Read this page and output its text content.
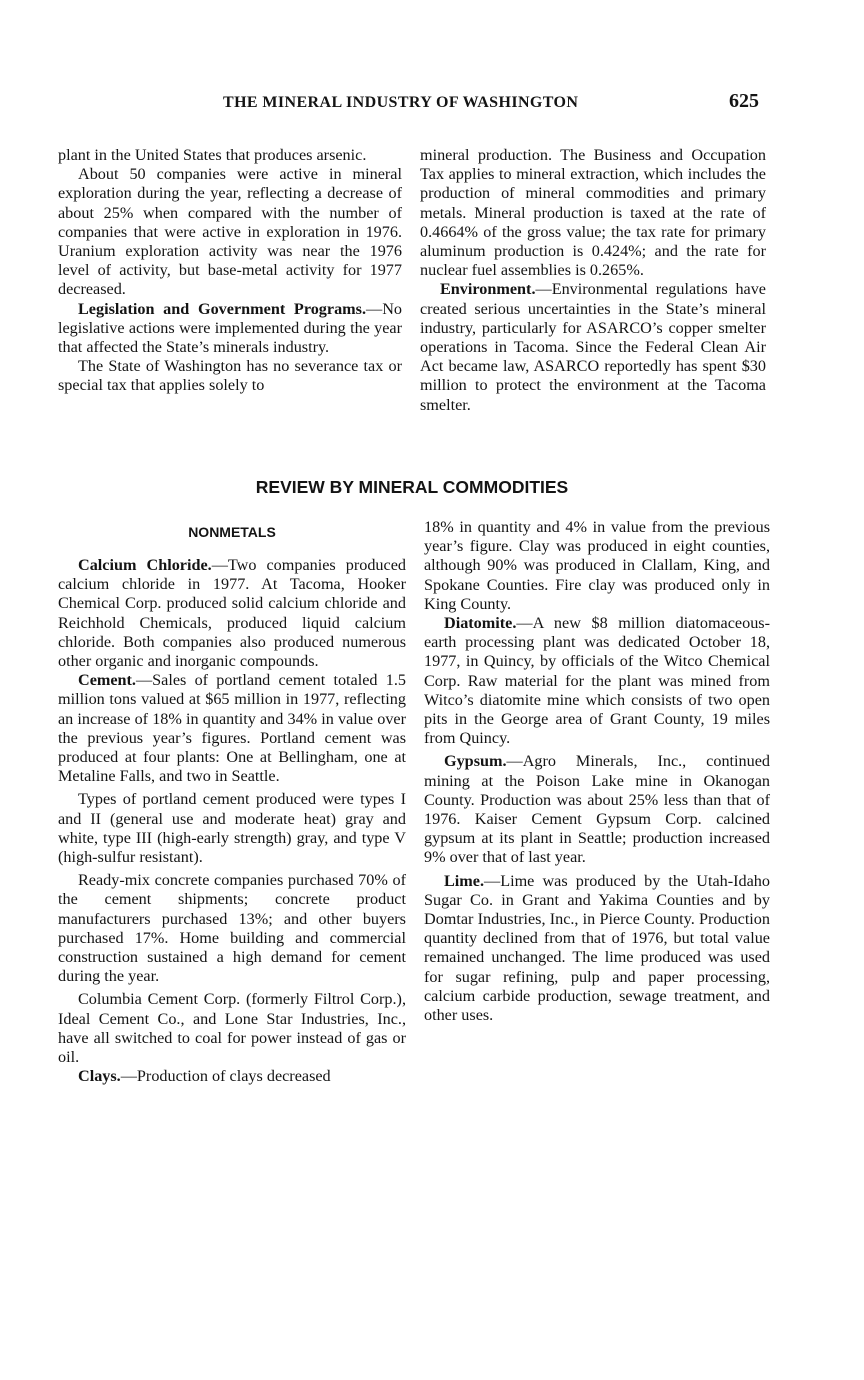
THE MINERAL INDUSTRY OF WASHINGTON	625

plant in the United States that produces arsenic.

About 50 companies were active in mineral exploration during the year, reflecting a decrease of about 25% when compared with the number of companies that were active in exploration in 1976. Uranium exploration activity was near the 1976 level of activity, but base-metal activity for 1977 decreased.

Legislation and Government Programs.—No legislative actions were implemented during the year that affected the State’s minerals industry.

The State of Washington has no severance tax or special tax that applies solely to

mineral production. The Business and Occupation Tax applies to mineral extraction, which includes the production of mineral commodities and primary metals. Mineral production is taxed at the rate of 0.4664% of the gross value; the tax rate for primary aluminum production is 0.424%; and the rate for nuclear fuel assemblies is 0.265%.

Environment.—Environmental regulations have created serious uncertainties in the State’s mineral industry, particularly for ASARCO’s copper smelter operations in Tacoma. Since the Federal Clean Air Act became law, ASARCO reportedly has spent $30 million to protect the environment at the Tacoma smelter.

REVIEW BY MINERAL COMMODITIES
NONMETALS

Calcium Chloride.—Two companies produced calcium chloride in 1977. At Tacoma, Hooker Chemical Corp. produced solid calcium chloride and Reichhold Chemicals, produced liquid calcium chloride. Both companies also produced numerous other organic and inorganic compounds.

Cement.—Sales of portland cement totaled 1.5 million tons valued at $65 million in 1977, reflecting an increase of 18% in quantity and 34% in value over the previous year’s figures. Portland cement was produced at four plants: One at Bellingham, one at Metaline Falls, and two in Seattle.

Types of portland cement produced were types I and II (general use and moderate heat) gray and white, type III (high-early strength) gray, and type V (high-sulfur resistant).

Ready-mix concrete companies purchased 70% of the cement shipments; concrete product manufacturers purchased 13%; and other buyers purchased 17%. Home building and commercial construction sustained a high demand for cement during the year.

Columbia Cement Corp. (formerly Filtrol Corp.), Ideal Cement Co., and Lone Star Industries, Inc., have all switched to coal for power instead of gas or oil.

Clays.—Production of clays decreased

18% in quantity and 4% in value from the previous year’s figure. Clay was produced in eight counties, although 90% was produced in Clallam, King, and Spokane Counties. Fire clay was produced only in King County.

Diatomite.—A new $8 million diatomaceous-earth processing plant was dedicated October 18, 1977, in Quincy, by officials of the Witco Chemical Corp. Raw material for the plant was mined from Witco’s diatomite mine which consists of two open pits in the George area of Grant County, 19 miles from Quincy.

Gypsum.—Agro Minerals, Inc., continued mining at the Poison Lake mine in Okanogan County. Production was about 25% less than that of 1976. Kaiser Cement Gypsum Corp. calcined gypsum at its plant in Seattle; production increased 9% over that of last year.

Lime.—Lime was produced by the Utah-Idaho Sugar Co. in Grant and Yakima Counties and by Domtar Industries, Inc., in Pierce County. Production quantity declined from that of 1976, but total value remained unchanged. The lime produced was used for sugar refining, pulp and paper processing, calcium carbide production, sewage treatment, and other uses.
